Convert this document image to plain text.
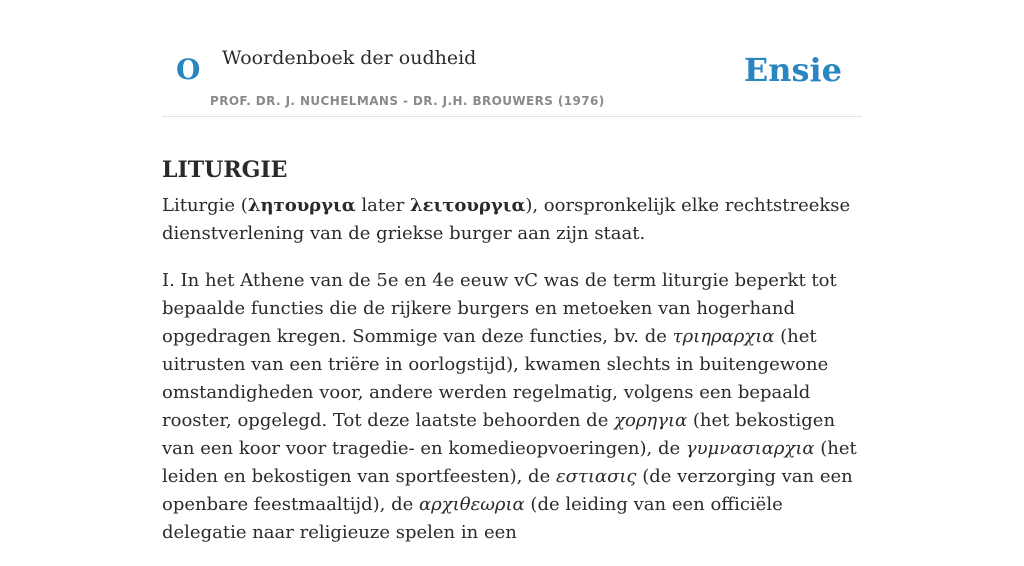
O Woordenboek der oudheid
PROF. DR. J. NUCHELMANS - DR. J.H. BROUWERS (1976)
Ensie
LITURGIE

Liturgie (ληтουργια later λειτουργια), oorspronkelijk elke rechtstreekse dienstverlening van de griekse burger aan zijn staat.

I. In het Athene van de 5e en 4e eeuw vC was de term liturgie beperkt tot bepaalde functies die de rijkere burgers en metoeken van hogerhand opgedragen kregen. Sommige van deze functies, bv. de τριηραρχια (het uitrusten van een triëre in oorlogstijd), kwamen slechts in buitengewone omstandigheden voor, andere werden regelmatig, volgens een bepaald rooster, opgelegd. Tot deze laatste behoorden de χορηγια (het bekostigen van een koor voor tragedie- en komedieopvoeringen), de γυμνασιαρχια (het leiden en bekostigen van sportfeesten), de εστιασις (de verzorging van een openbare feestmaaltijd), de αρχιθεωρια (de leiding van een officiële delegatie naar religieuze spelen in een
